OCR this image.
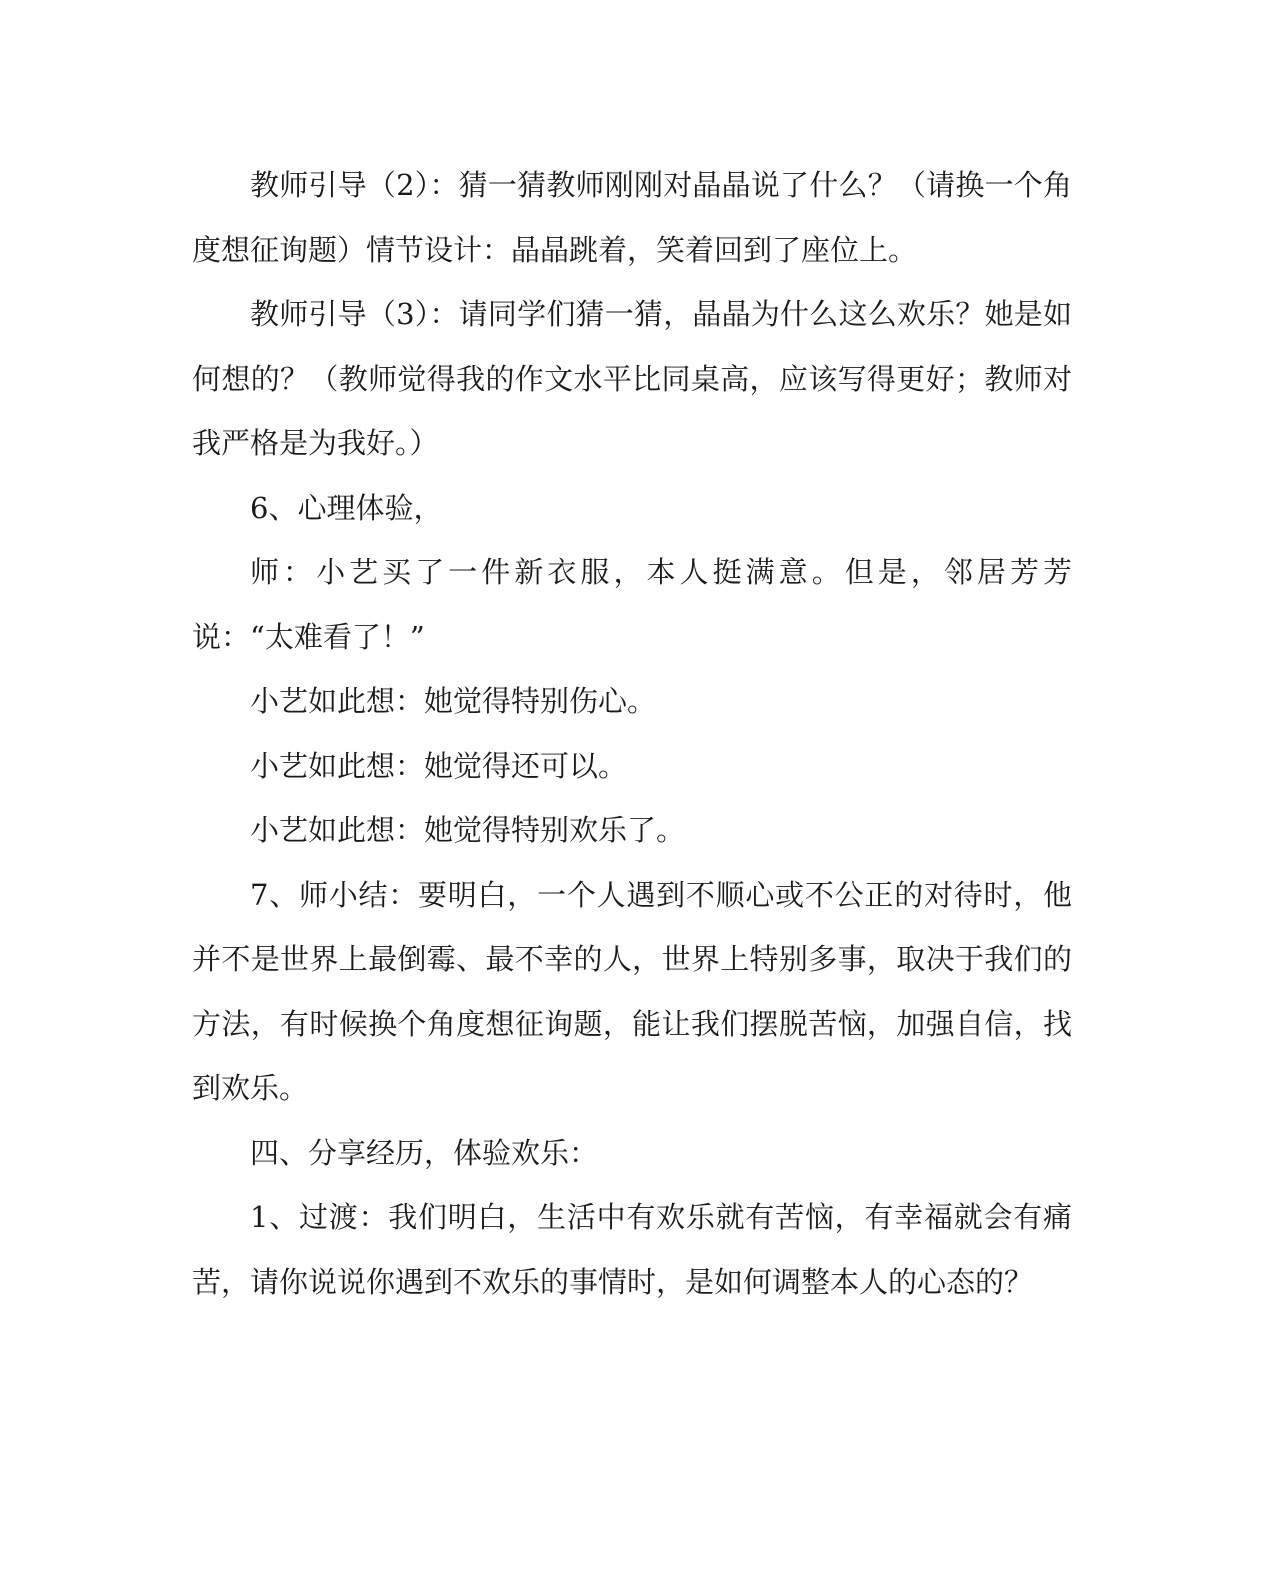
教师引导（2）：猜一猜教师刚刚对晶晶说了什么？（请换一个角度想征询题）情节设计：晶晶跳着，笑着回到了座位上。

教师引导（3）：请同学们猜一猜，晶晶为什么这么欢乐？她是如何想的？（教师觉得我的作文水平比同桌高，应该写得更好；教师对我严格是为我好。）

6、心理体验，

师：小艺买了一件新衣服，本人挺满意。但是，邻居芳芳说：“太难看了！”

小艺如此想：她觉得特别伤心。

小艺如此想：她觉得还可以。

小艺如此想：她觉得特别欢乐了。

7、师小结：要明白，一个人遇到不顺心或不公正的对待时，他并不是世界上最倒霉、最不幸的人，世界上特别多事，取决于我们的方法，有时候换个角度想征询题，能让我们摆脱苦恼，加强自信，找到欢乐。

四、分享经历，体验欢乐：

1、过渡：我们明白，生活中有欢乐就有苦恼，有幸福就会有痛苦，请你说说你遇到不欢乐的事情时，是如何调整本人的心态的？
